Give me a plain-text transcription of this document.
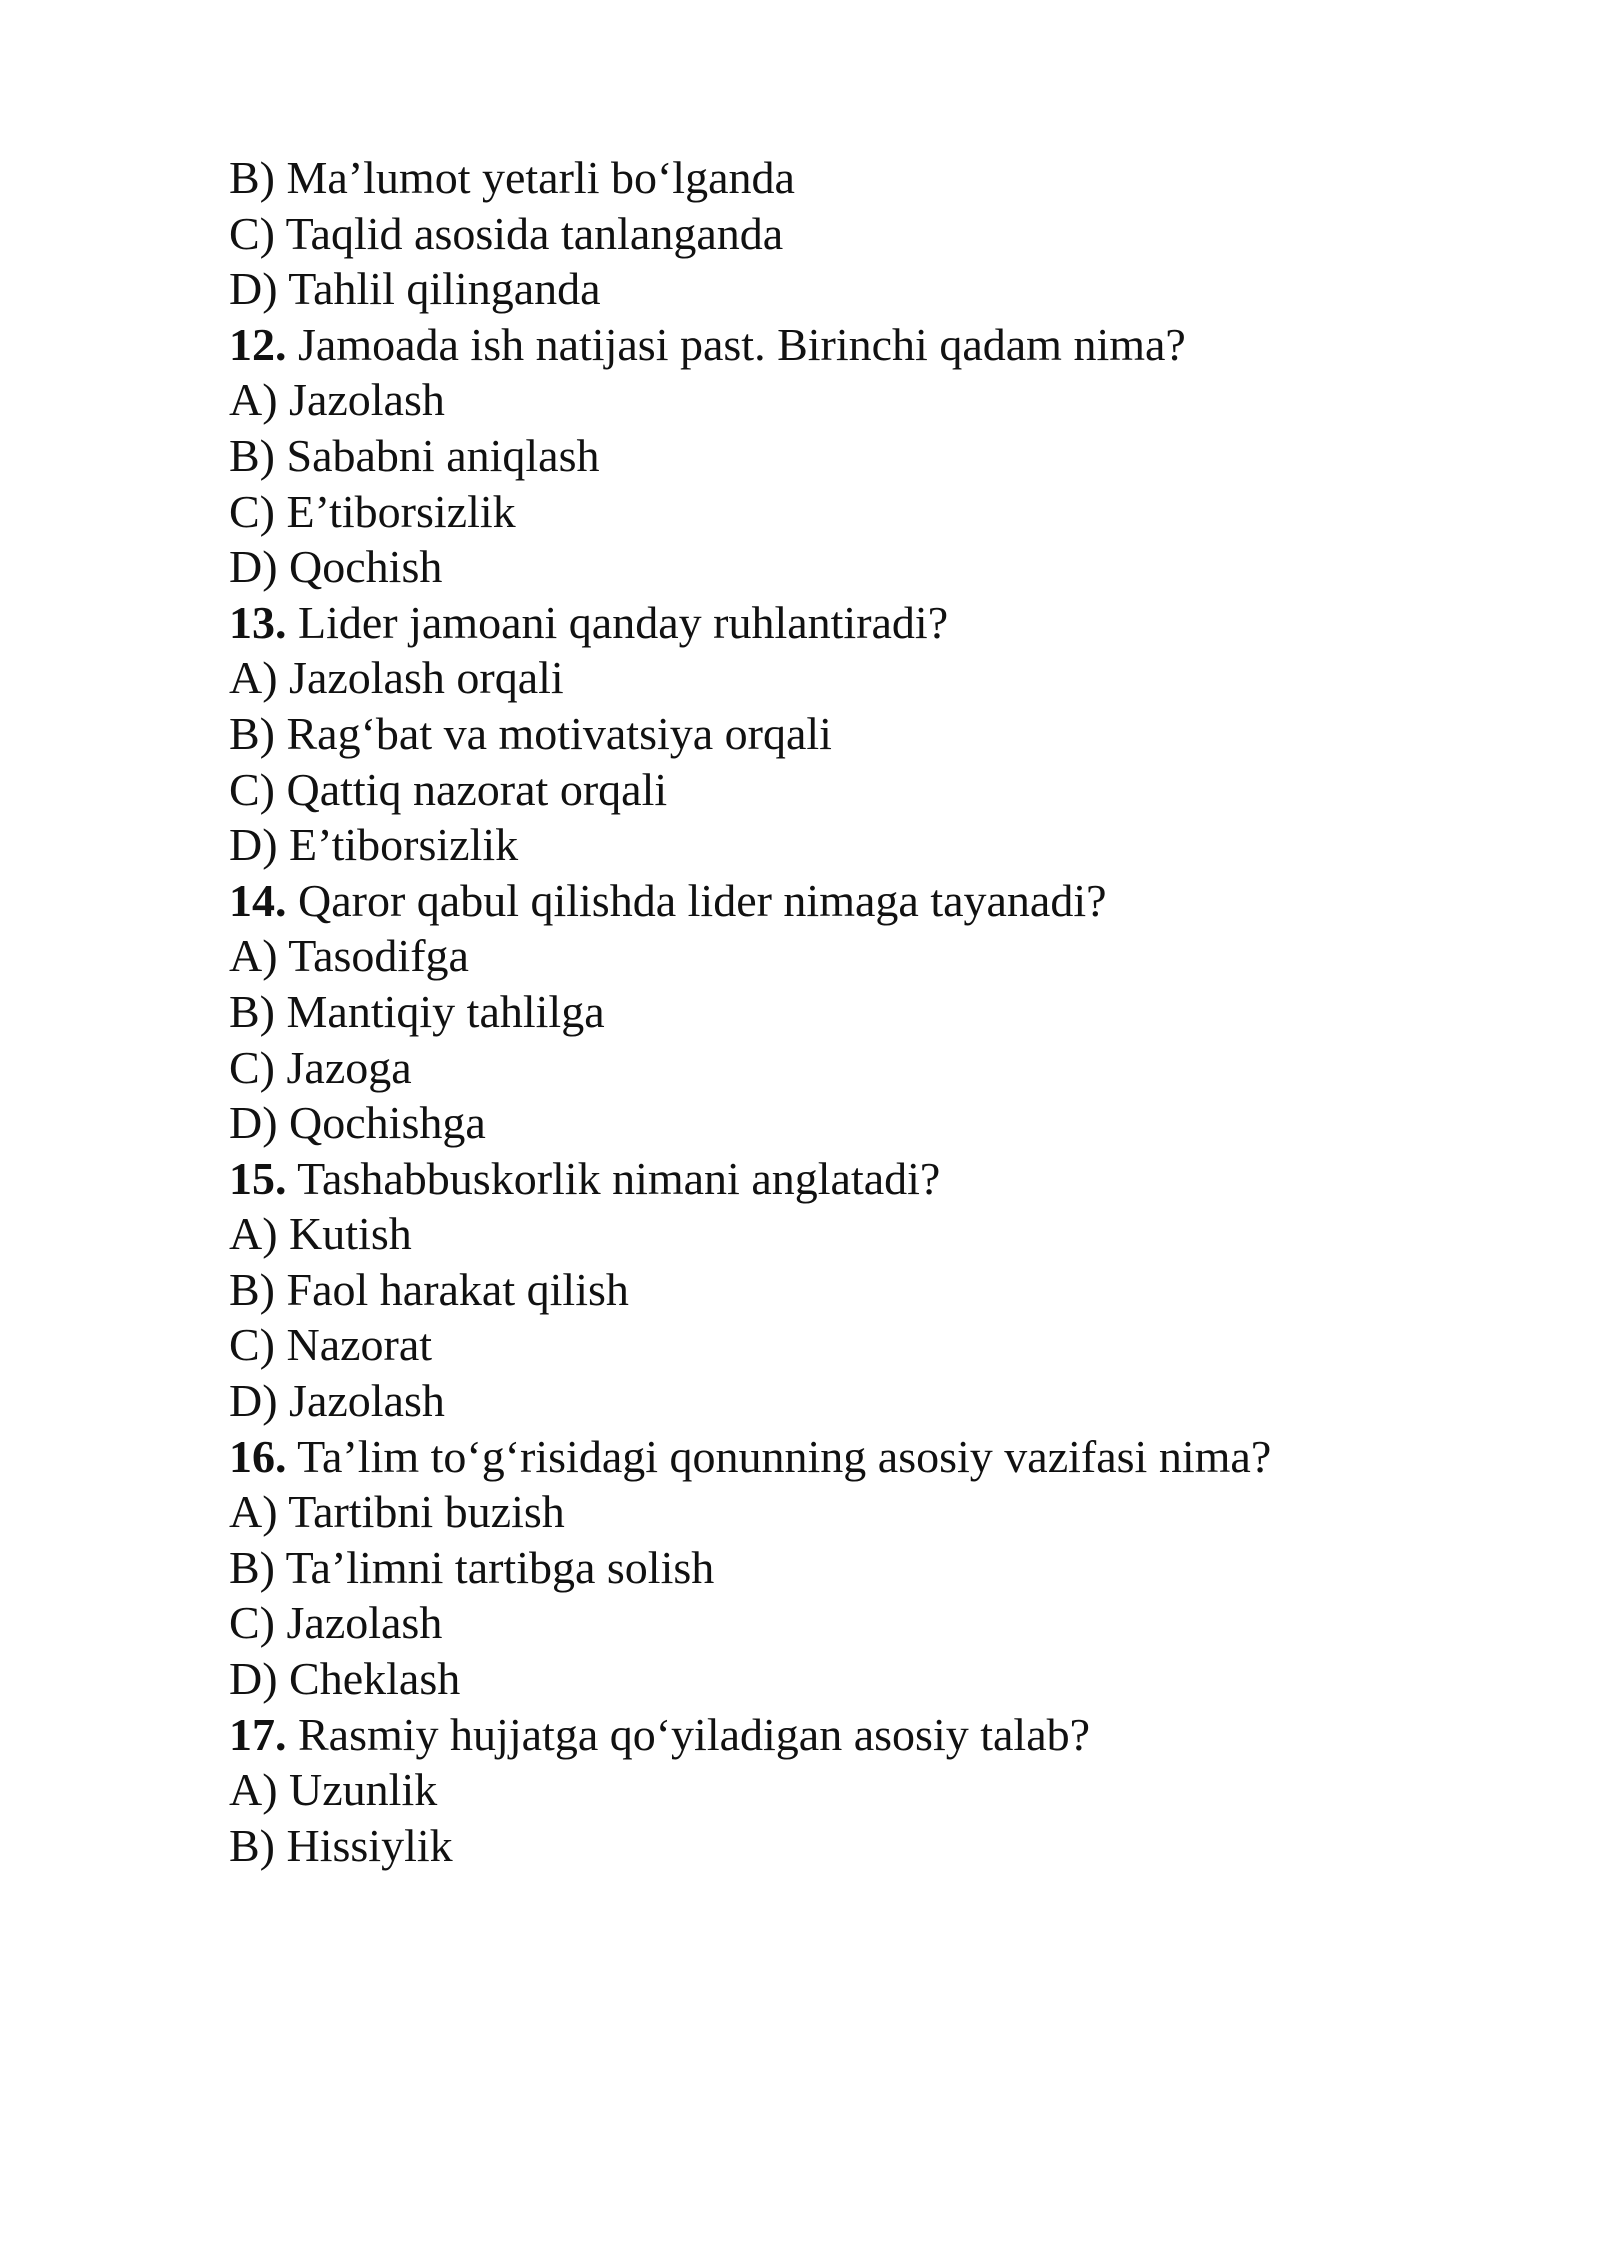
B) Ma’lumot yetarli bo‘lganda

C) Taqlid asosida tanlanganda

D) Tahlil qilinganda

12. Jamoada ish natijasi past. Birinchi qadam nima?

A) Jazolash

B) Sababni aniqlash

C) E’tiborsizlik

D) Qochish

13. Lider jamoani qanday ruhlantiradi?

A) Jazolash orqali

B) Rag‘bat va motivatsiya orqali

C) Qattiq nazorat orqali

D) E’tiborsizlik

14. Qaror qabul qilishda lider nimaga tayanadi?

A) Tasodifga

B) Mantiqiy tahlilga

C) Jazoga

D) Qochishga

15. Tashabbuskorlik nimani anglatadi?

A) Kutish

B) Faol harakat qilish

C) Nazorat

D) Jazolash

16. Ta’lim to‘g‘risidagi qonunning asosiy vazifasi nima?

A) Tartibni buzish

B) Ta’limni tartibga solish

C) Jazolash

D) Cheklash

17. Rasmiy hujjatga qo‘yiladigan asosiy talab?

A) Uzunlik

B) Hissiylik
